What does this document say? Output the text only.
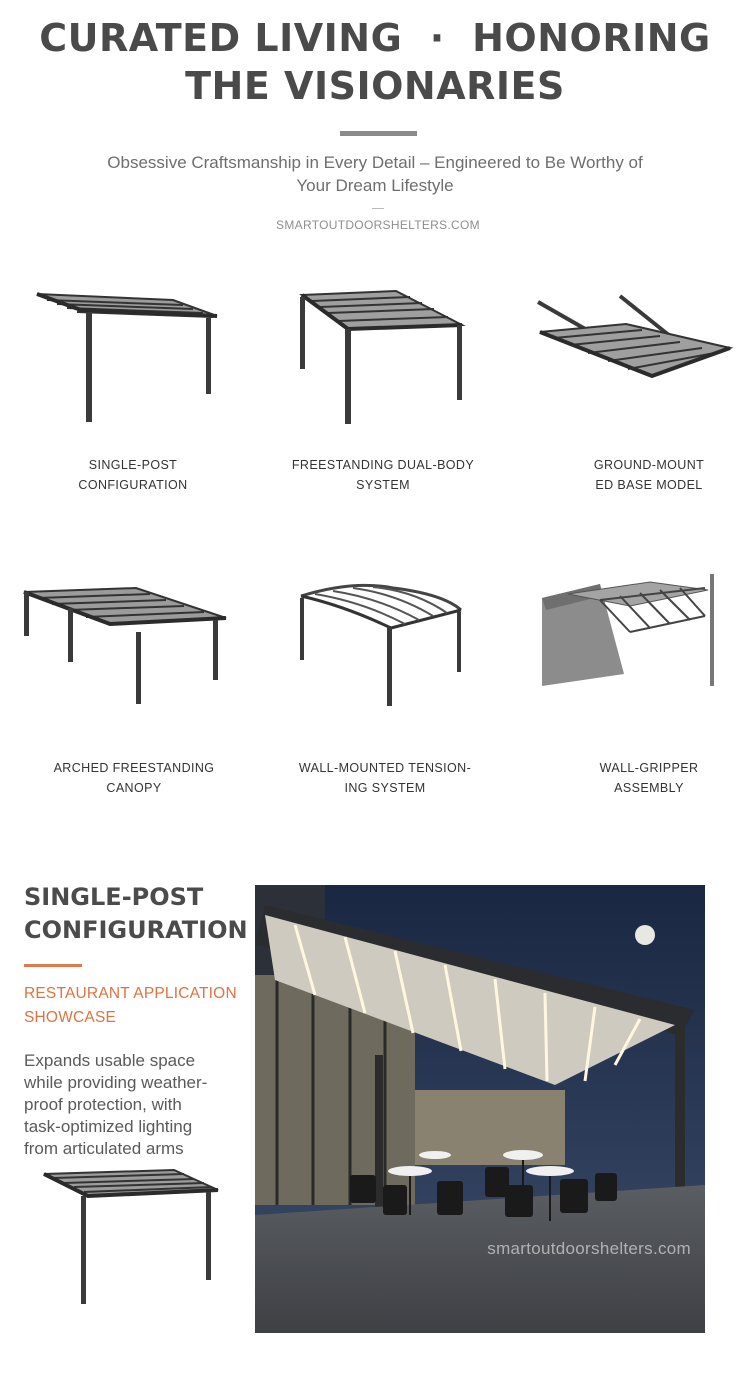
CURATED LIVING  ·  HONORING
THE VISIONARIES
Obsessive Craftsmanship in Every Detail – Engineered to Be Worthy of
Your Dream Lifestyle
SMARTOUTDOORSHELTERS.COM
SINGLE-POST
CONFIGURATION
FREESTANDING DUAL-BODY
SYSTEM
GROUND-MOUNT
ED BASE MODEL
ARCHED FREESTANDING
CANOPY
WALL-MOUNTED TENSION-
ING SYSTEM
WALL-GRIPPER
ASSEMBLY
SINGLE-POST
CONFIGURATION
RESTAURANT APPLICATION
SHOWCASE
Expands usable space
while providing weather-
proof protection, with
task-optimized lighting
from articulated arms
smartoutdoorshelters.com
